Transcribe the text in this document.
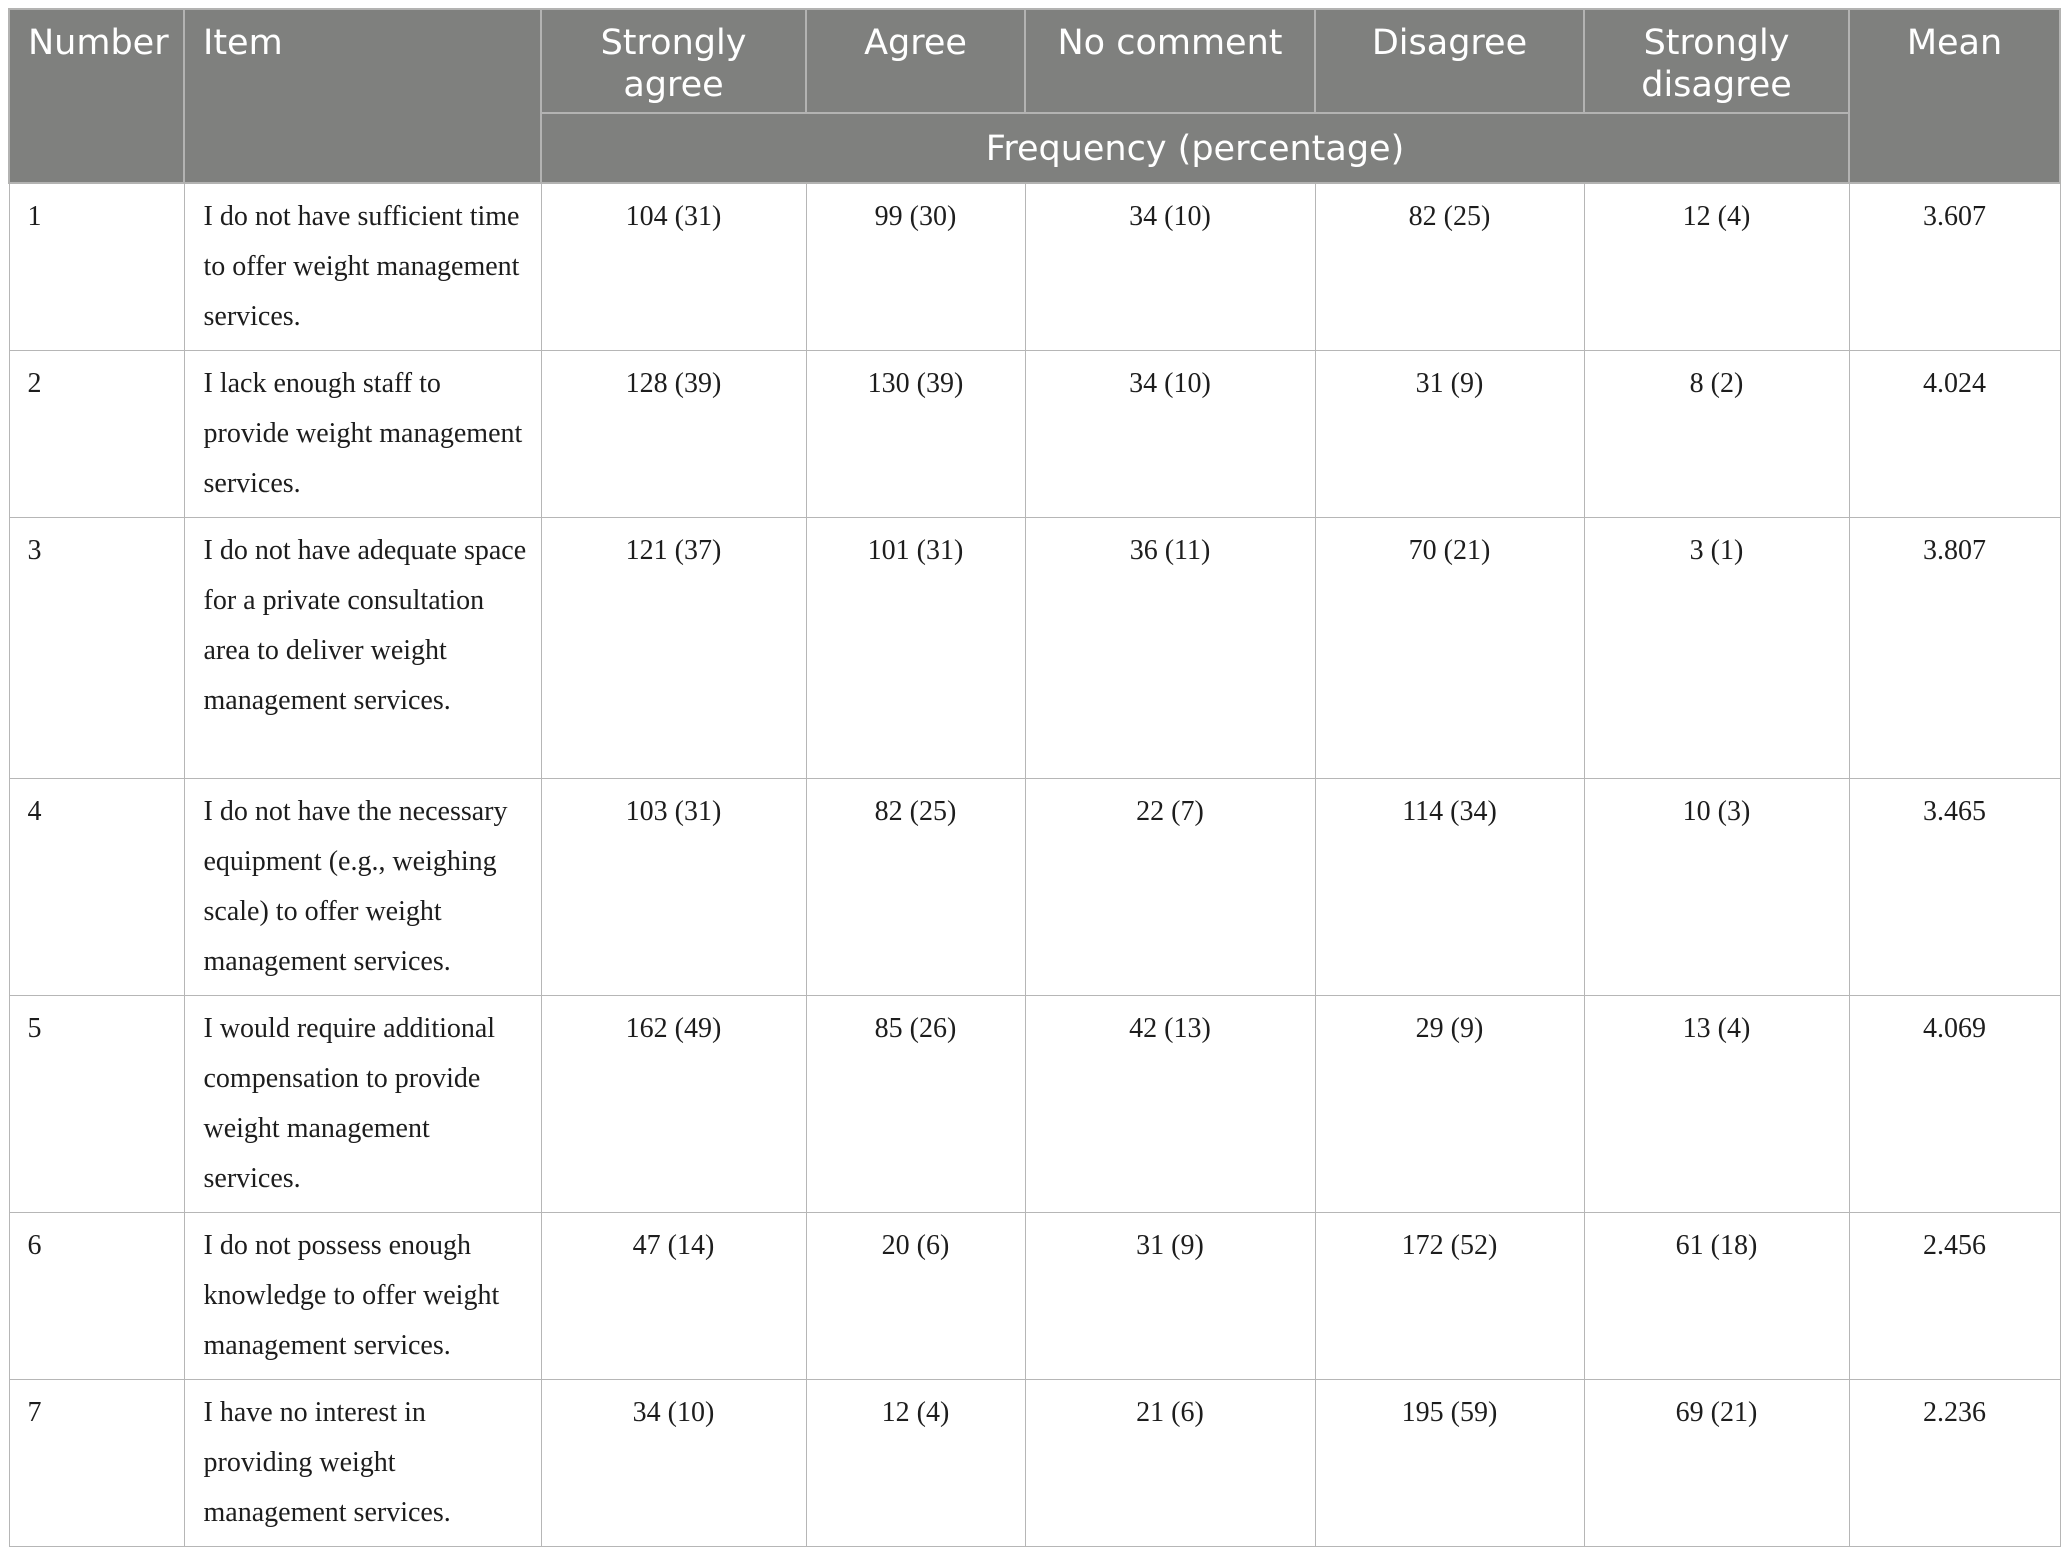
Number	Item	Strongly agree	Agree	No comment	Disagree	Strongly disagree	Mean
		Frequency (percentage)					
1	I do not have sufficient time to offer weight management services.	104 (31)	99 (30)	34 (10)	82 (25)	12 (4)	3.607
2	I lack enough staff to provide weight management services.	128 (39)	130 (39)	34 (10)	31 (9)	8 (2)	4.024
3	I do not have adequate space for a private consultation area to deliver weight management services.	121 (37)	101 (31)	36 (11)	70 (21)	3 (1)	3.807
4	I do not have the necessary equipment (e.g., weighing scale) to offer weight management services.	103 (31)	82 (25)	22 (7)	114 (34)	10 (3)	3.465
5	I would require additional compensation to provide weight management services.	162 (49)	85 (26)	42 (13)	29 (9)	13 (4)	4.069
6	I do not possess enough knowledge to offer weight management services.	47 (14)	20 (6)	31 (9)	172 (52)	61 (18)	2.456
7	I have no interest in providing weight management services.	34 (10)	12 (4)	21 (6)	195 (59)	69 (21)	2.236
